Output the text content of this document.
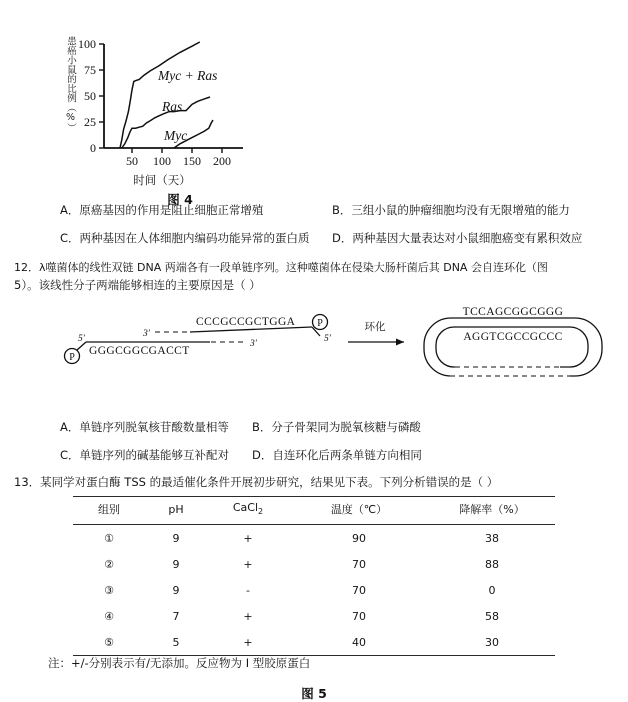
患癌小鼠的比例（%） 100
75
50
25
0
50 100 150 200
Myc + Ras
Ras
Myc
时间（天）
图 4
A．原癌基因的作用是阻止细胞正常增殖	B．三组小鼠的肿瘤细胞均没有无限增殖的能力
C．两种基因在人体细胞内编码功能异常的蛋白质 D．两种基因大量表达对小鼠细胞癌变有累积效应
12．λ噬菌体的线性双链 DNA 两端各有一段单链序列。这种噬菌体在侵染大肠杆菌后其 DNA 会自连环化（图
5）。该线性分子两端能够相连的主要原因是（ ）
P
5'
GGGCGGCGACCT
3'
3'
CCCGCCGCTGGA P
5'
环化
TCCAGCGGCGGG
AGGTCGCCGCCC
图 5
A．单链序列脱氧核苷酸数量相等 B．分子骨架同为脱氧核糖与磷酸
C．单链序列的碱基能够互补配对 D．自连环化后两条单链方向相同
13．某同学对蛋白酶 TSS 的最适催化条件开展初步研究，结果见下表。下列分析错误的是（ ）
组别	pH	CaCl$_2$	温度（℃）	降解率（%）
①	9	+	90	38
②	9	+	70	88
③	9	-	70	0
④	7	+	70	58
⑤	5	+	40	30
注：+/-分别表示有/无添加。反应物为 I 型胶原蛋白
